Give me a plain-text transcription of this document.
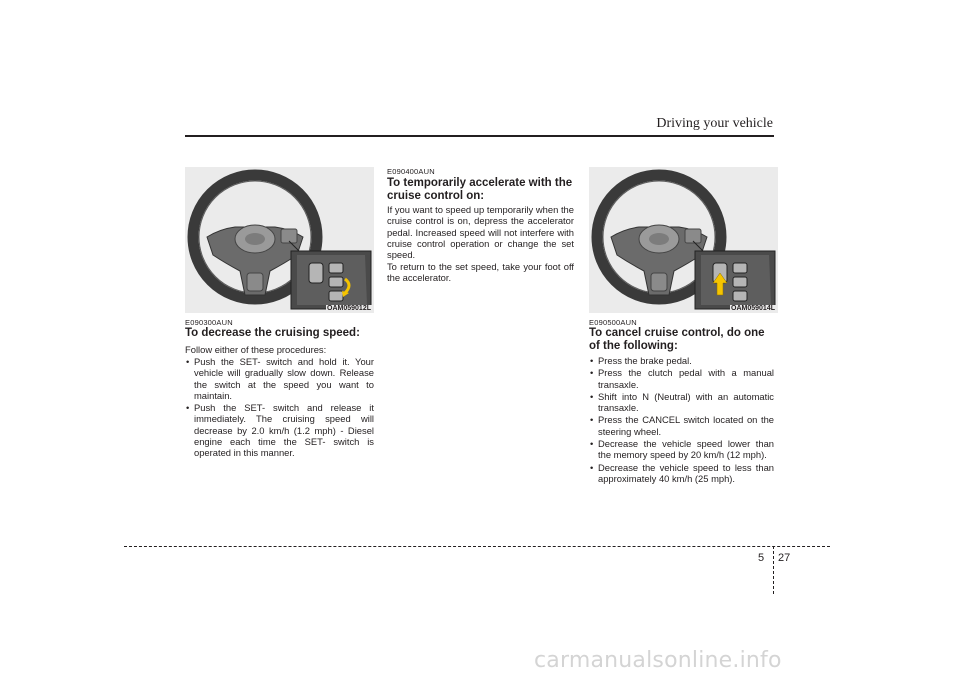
Driving your vehicle
OAM059012L	OAM059014L
E090300AUN
To decrease the cruising speed:
Follow either of these procedures:
• Push the SET- switch and hold it. Your vehicle will gradually slow down. Release the switch at the speed you want to maintain.
• Push the SET- switch and release it immediately. The cruising speed will decrease by 2.0 km/h (1.2 mph) - Diesel engine each time the SET- switch is operated in this manner.
E090400AUN
To temporarily accelerate with the
cruise control on:
If you want to speed up temporarily when the cruise control is on, depress the accelerator pedal. Increased speed will not interfere with cruise control operation or change the set speed.
To return to the set speed, take your foot off the accelerator.
E090500AUN
To cancel cruise control, do one
of the following:
• Press the brake pedal.
• Press the clutch pedal with a manual transaxle.
• Shift into N (Neutral) with an automatic transaxle.
• Press the CANCEL switch located on the steering wheel.
• Decrease the vehicle speed lower than the memory speed by 20 km/h (12 mph).
• Decrease the vehicle speed to less than approximately 40 km/h (25 mph).
5 27
carmanualsonline.info
